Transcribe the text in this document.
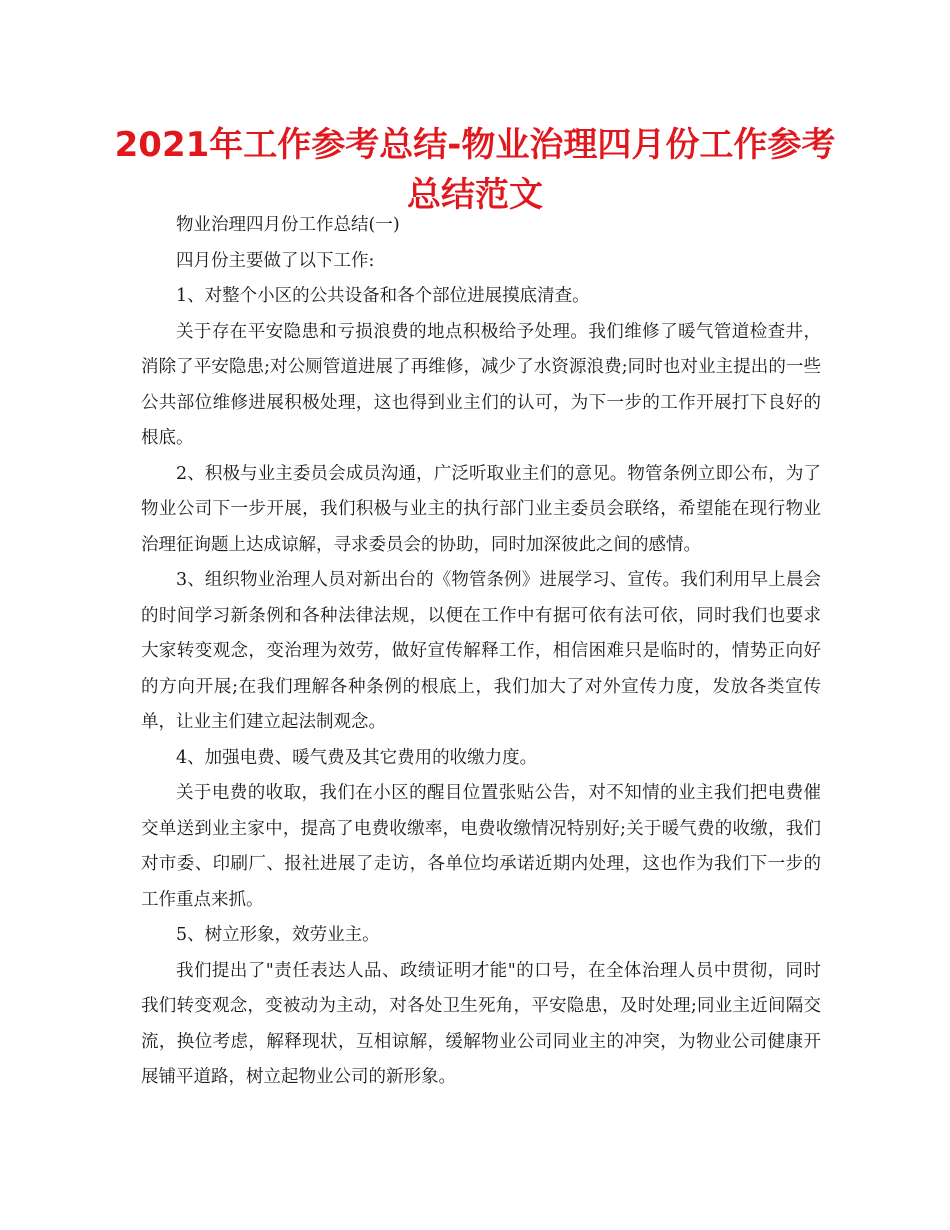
2021年工作参考总结-物业治理四月份工作参考总结范文

物业治理四月份工作总结(一)

四月份主要做了以下工作:

1、对整个小区的公共设备和各个部位进展摸底清查。

关于存在平安隐患和亏损浪费的地点积极给予处理。我们维修了暖气管道检查井，消除了平安隐患;对公厕管道进展了再维修，减少了水资源浪费;同时也对业主提出的一些公共部位维修进展积极处理，这也得到业主们的认可，为下一步的工作开展打下良好的根底。

2、积极与业主委员会成员沟通，广泛听取业主们的意见。物管条例立即公布，为了物业公司下一步开展，我们积极与业主的执行部门业主委员会联络，希望能在现行物业治理征询题上达成谅解，寻求委员会的协助，同时加深彼此之间的感情。

3、组织物业治理人员对新出台的《物管条例》进展学习、宣传。我们利用早上晨会的时间学习新条例和各种法律法规，以便在工作中有据可依有法可依，同时我们也要求大家转变观念，变治理为效劳，做好宣传解释工作，相信困难只是临时的，情势正向好的方向开展;在我们理解各种条例的根底上，我们加大了对外宣传力度，发放各类宣传单，让业主们建立起法制观念。

4、加强电费、暖气费及其它费用的收缴力度。

关于电费的收取，我们在小区的醒目位置张贴公告，对不知情的业主我们把电费催交单送到业主家中，提高了电费收缴率，电费收缴情况特别好;关于暖气费的收缴，我们对市委、印刷厂、报社进展了走访，各单位均承诺近期内处理，这也作为我们下一步的工作重点来抓。

5、树立形象，效劳业主。

我们提出了"责任表达人品、政绩证明才能"的口号，在全体治理人员中贯彻，同时我们转变观念，变被动为主动，对各处卫生死角，平安隐患，及时处理;同业主近间隔交流，换位考虑，解释现状，互相谅解，缓解物业公司同业主的冲突，为物业公司健康开展铺平道路，树立起物业公司的新形象。
